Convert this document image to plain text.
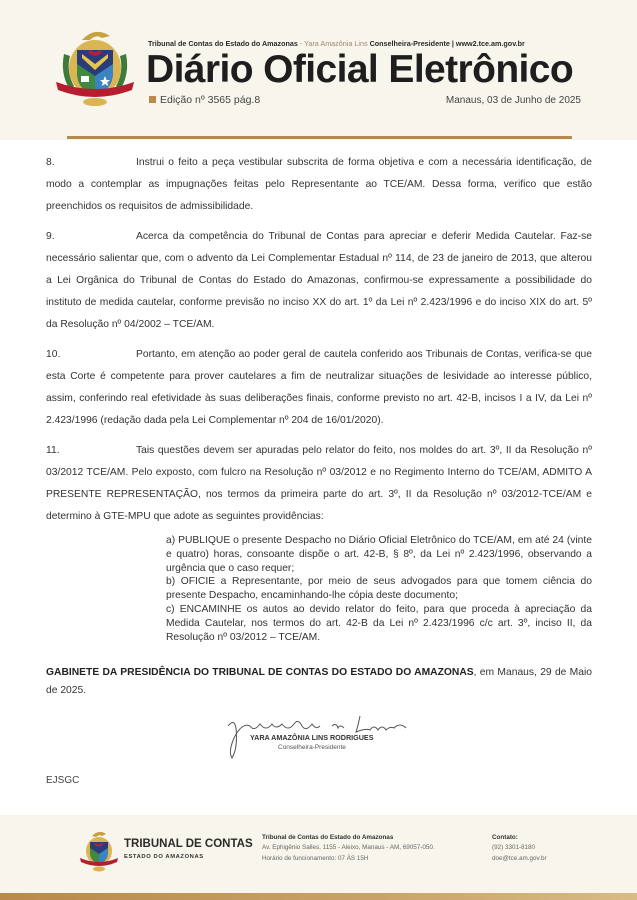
Tribunal de Contas do Estado do Amazonas - Yara Amazônia Lins Conselheira-Presidente | www2.tce.am.gov.br
Diário Oficial Eletrônico
Edição nº 3565 pág.8	Manaus, 03 de Junho de 2025

8.	Instrui o feito a peça vestibular subscrita de forma objetiva e com a necessária identificação, de modo a contemplar as impugnações feitas pelo Representante ao TCE/AM. Dessa forma, verifico que estão preenchidos os requisitos de admissibilidade.

9.	Acerca da competência do Tribunal de Contas para apreciar e deferir Medida Cautelar. Faz-se necessário salientar que, com o advento da Lei Complementar Estadual nº 114, de 23 de janeiro de 2013, que alterou a Lei Orgânica do Tribunal de Contas do Estado do Amazonas, confirmou-se expressamente a possibilidade do instituto de medida cautelar, conforme previsão no inciso XX do art. 1º da Lei nº 2.423/1996 e do inciso XIX do art. 5º da Resolução nº 04/2002 – TCE/AM.

10.	Portanto, em atenção ao poder geral de cautela conferido aos Tribunais de Contas, verifica-se que esta Corte é competente para prover cautelares a fim de neutralizar situações de lesividade ao interesse público, assim, conferindo real efetividade às suas deliberações finais, conforme previsto no art. 42-B, incisos I a IV, da Lei nº 2.423/1996 (redação dada pela Lei Complementar nº 204 de 16/01/2020).

11.	Tais questões devem ser apuradas pelo relator do feito, nos moldes do art. 3º, II da Resolução nº 03/2012 TCE/AM. Pelo exposto, com fulcro na Resolução nº 03/2012 e no Regimento Interno do TCE/AM, ADMITO A PRESENTE REPRESENTAÇÃO, nos termos da primeira parte do art. 3º, II da Resolução nº 03/2012-TCE/AM e determino à GTE-MPU que adote as seguintes providências:

a) PUBLIQUE o presente Despacho no Diário Oficial Eletrônico do TCE/AM, em até 24 (vinte e quatro) horas, consoante dispõe o art. 42-B, § 8º, da Lei nº 2.423/1996, observando a urgência que o caso requer;
b) OFICIE a Representante, por meio de seus advogados para que tomem ciência do presente Despacho, encaminhando-lhe cópia deste documento;
c) ENCAMINHE os autos ao devido relator do feito, para que proceda à apreciação da Medida Cautelar, nos termos do art. 42-B da Lei nº 2.423/1996 c/c art. 3º, inciso II, da Resolução nº 03/2012 – TCE/AM.
GABINETE DA PRESIDÊNCIA DO TRIBUNAL DE CONTAS DO ESTADO DO AMAZONAS, em Manaus, 29 de Maio de 2025.
YARA AMAZÔNIA LINS RODRIGUES
Conselheira-Presidente
EJSGC
TRIBUNAL DE CONTAS
ESTADO DO AMAZONAS
Tribunal de Contas do Estado do Amazonas
Av. Ephigênio Salles, 1155 - Aleixo, Manaus - AM, 69057-050.
Horário de funcionamento: 07 ÀS 15H
Contato:
(92) 3301-8180
doe@tce.am.gov.br
